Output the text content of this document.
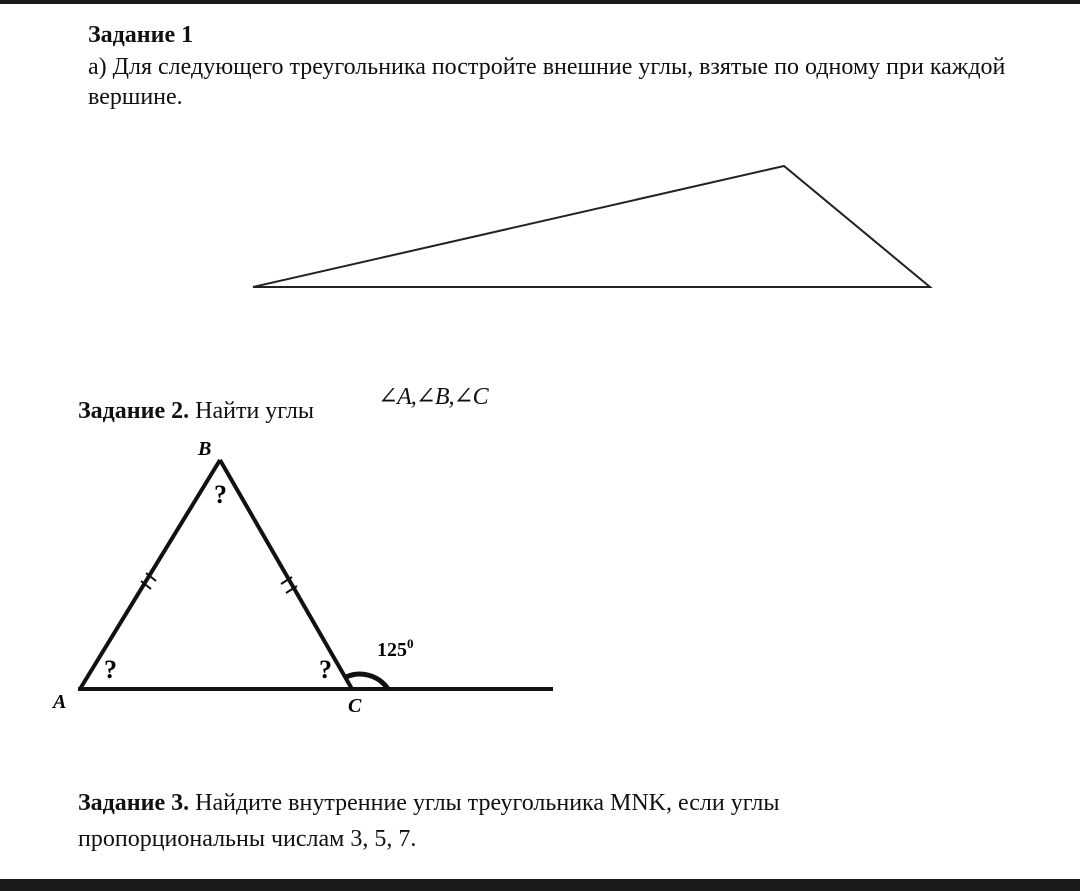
Задание 1
а) Для следующего треугольника постройте внешние углы, взятые по одному при каждой
вершине.
B
A	C
?
?	?
$125^0$
Задание 2. Найти углы
∠A,∠B,∠C
Задание 3. Найдите внутренние углы треугольника MNK, если углы
пропорциональны числам 3, 5, 7.
